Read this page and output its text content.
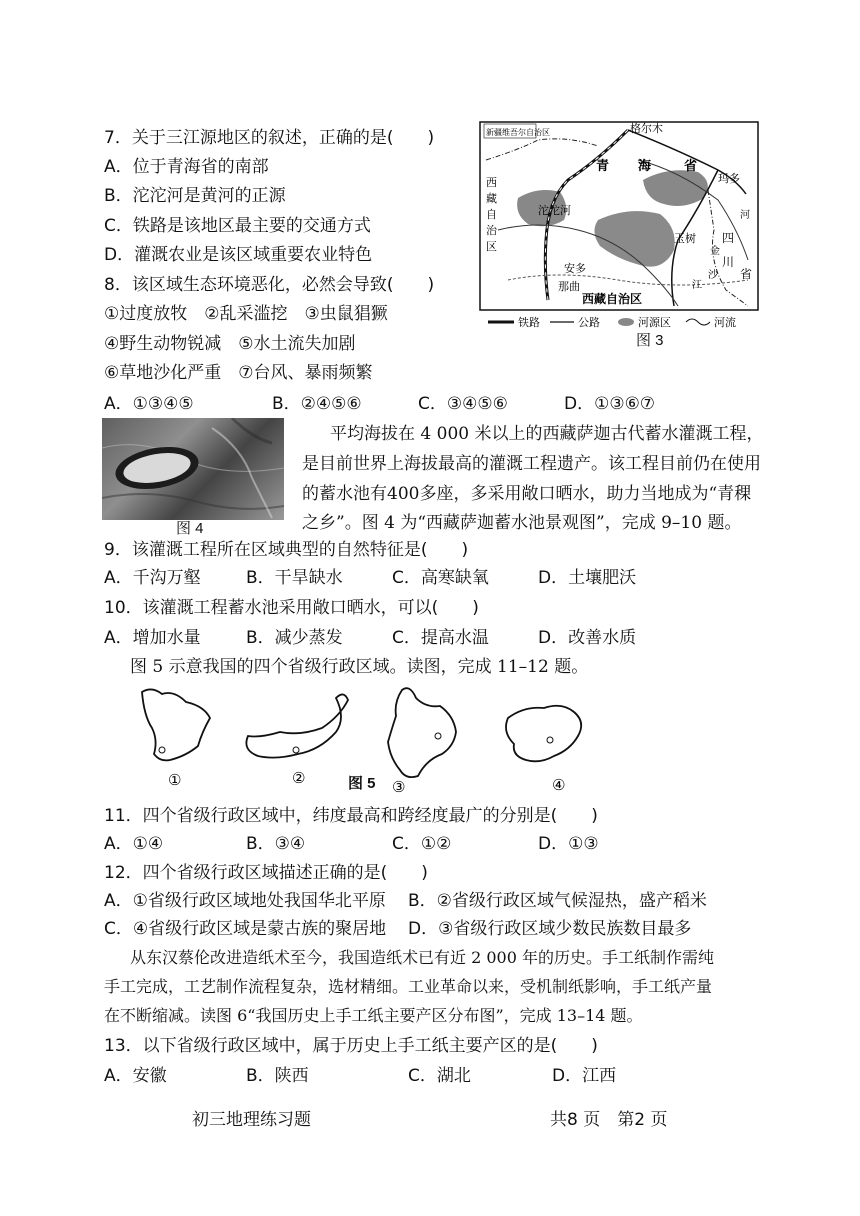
7．关于三江源地区的叙述，正确的是(　　)
A．位于青海省的南部
B．沱沱河是黄河的正源
C．铁路是该地区最主要的交通方式
D．灌溉农业是该区域重要农业特色
8．该区域生态环境恶化，必然会导致(　　)
①过度放牧　②乱采滥挖　③虫鼠猖獗
④野生动物锐减　⑤水土流失加剧
⑥草地沙化严重　⑦台风、暴雨频繁
A．①③④⑤	B．②④⑤⑥	C．③④⑤⑥	D．①③⑥⑦
新疆维吾尔自治区	格尔木
青 海	省
玛多
西
藏
自
治
区
沱沱河
玉树 四
川
省
河
金
沙
江
安多
那曲
西藏自治区
铁路	公路	河源区	河流
图 3
图 4
平均海拔在 4 000 米以上的西藏萨迦古代蓄水灌溉工程，
是目前世界上海拔最高的灌溉工程遗产。该工程目前仍在使用
的蓄水池有400多座，多采用敞口晒水，助力当地成为“青稞
之乡”。图 4 为“西藏萨迦蓄水池景观图”，完成 9–10 题。
9．该灌溉工程所在区域典型的自然特征是(　　)
A．千沟万壑	B．干旱缺水	C．高寒缺氧	D．土壤肥沃
10．该灌溉工程蓄水池采用敞口晒水，可以(　　)
A．增加水量	B．减少蒸发	C．提高水温	D．改善水质
图 5 示意我国的四个省级行政区域。读图，完成 11–12 题。
①	②	③	④
图 5
11．四个省级行政区域中，纬度最高和跨经度最广的分别是(　　)
A．①④	B．③④	C．①②	D．①③
12．四个省级行政区域描述正确的是(　　)
A．①省级行政区域地处我国华北平原 B．②省级行政区域气候湿热，盛产稻米
C．④省级行政区域是蒙古族的聚居地 D．③省级行政区域少数民族数目最多
从东汉蔡伦改进造纸术至今，我国造纸术已有近 2 000 年的历史。手工纸制作需纯
手工完成，工艺制作流程复杂，选材精细。工业革命以来，受机制纸影响，手工纸产量
在不断缩减。读图 6“我国历史上手工纸主要产区分布图”，完成 13–14 题。
13．以下省级行政区域中，属于历史上手工纸主要产区的是(　　)
A．安徽	B．陕西	C．湖北	D．江西
初三地理练习题	共8 页　第2 页
